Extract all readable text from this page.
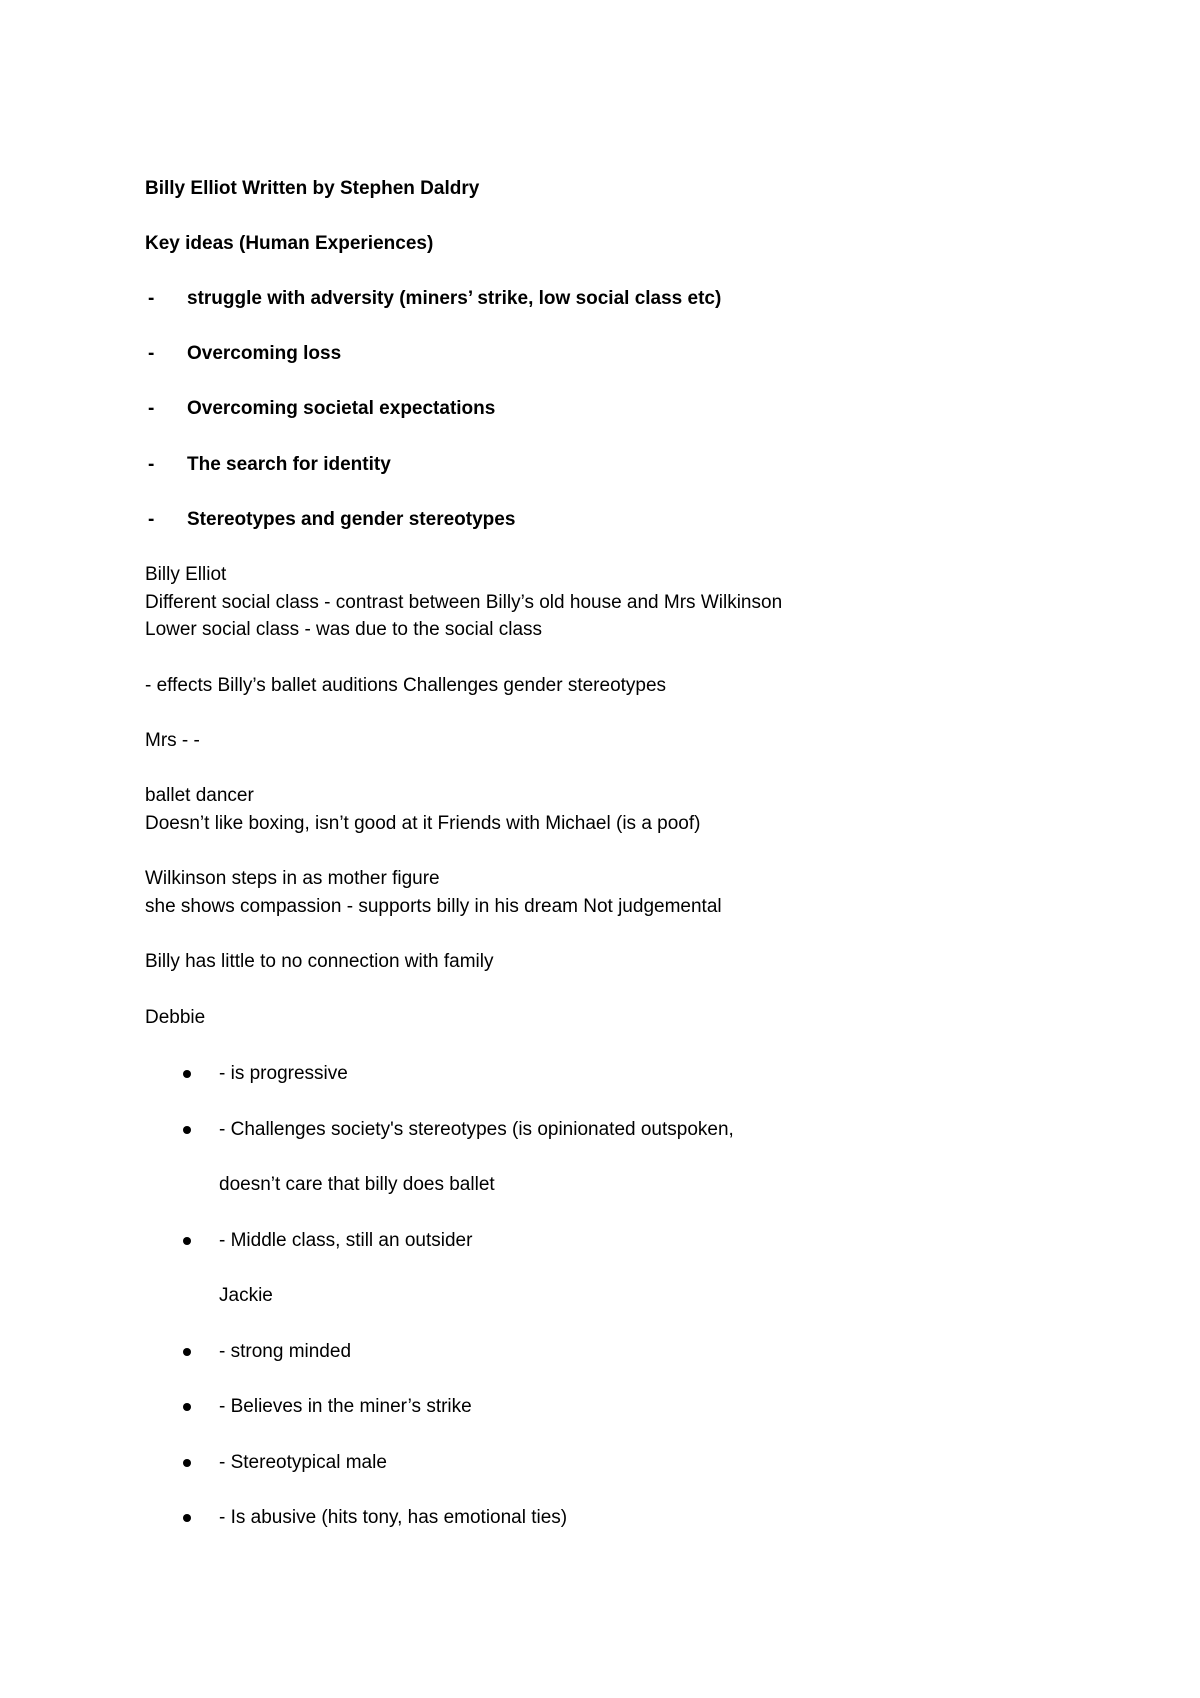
Billy Elliot Written by Stephen Daldry
Key ideas (Human Experiences)
- struggle with adversity (miners’ strike, low social class etc)
- Overcoming loss
- Overcoming societal expectations
- The search for identity
- Stereotypes and gender stereotypes
Billy Elliot
Different social class - contrast between Billy’s old house and Mrs Wilkinson
Lower social class - was due to the social class
- effects Billy’s ballet auditions Challenges gender stereotypes
Mrs - -
ballet dancer
Doesn’t like boxing, isn’t good at it Friends with Michael (is a poof)
Wilkinson steps in as mother figure
she shows compassion - supports billy in his dream Not judgemental
Billy has little to no connection with family
Debbie
- is progressive
- Challenges society's stereotypes (is opinionated outspoken,
doesn’t care that billy does ballet
- Middle class, still an outsider
Jackie
- strong minded
- Believes in the miner’s strike
- Stereotypical male
- Is abusive (hits tony, has emotional ties)
